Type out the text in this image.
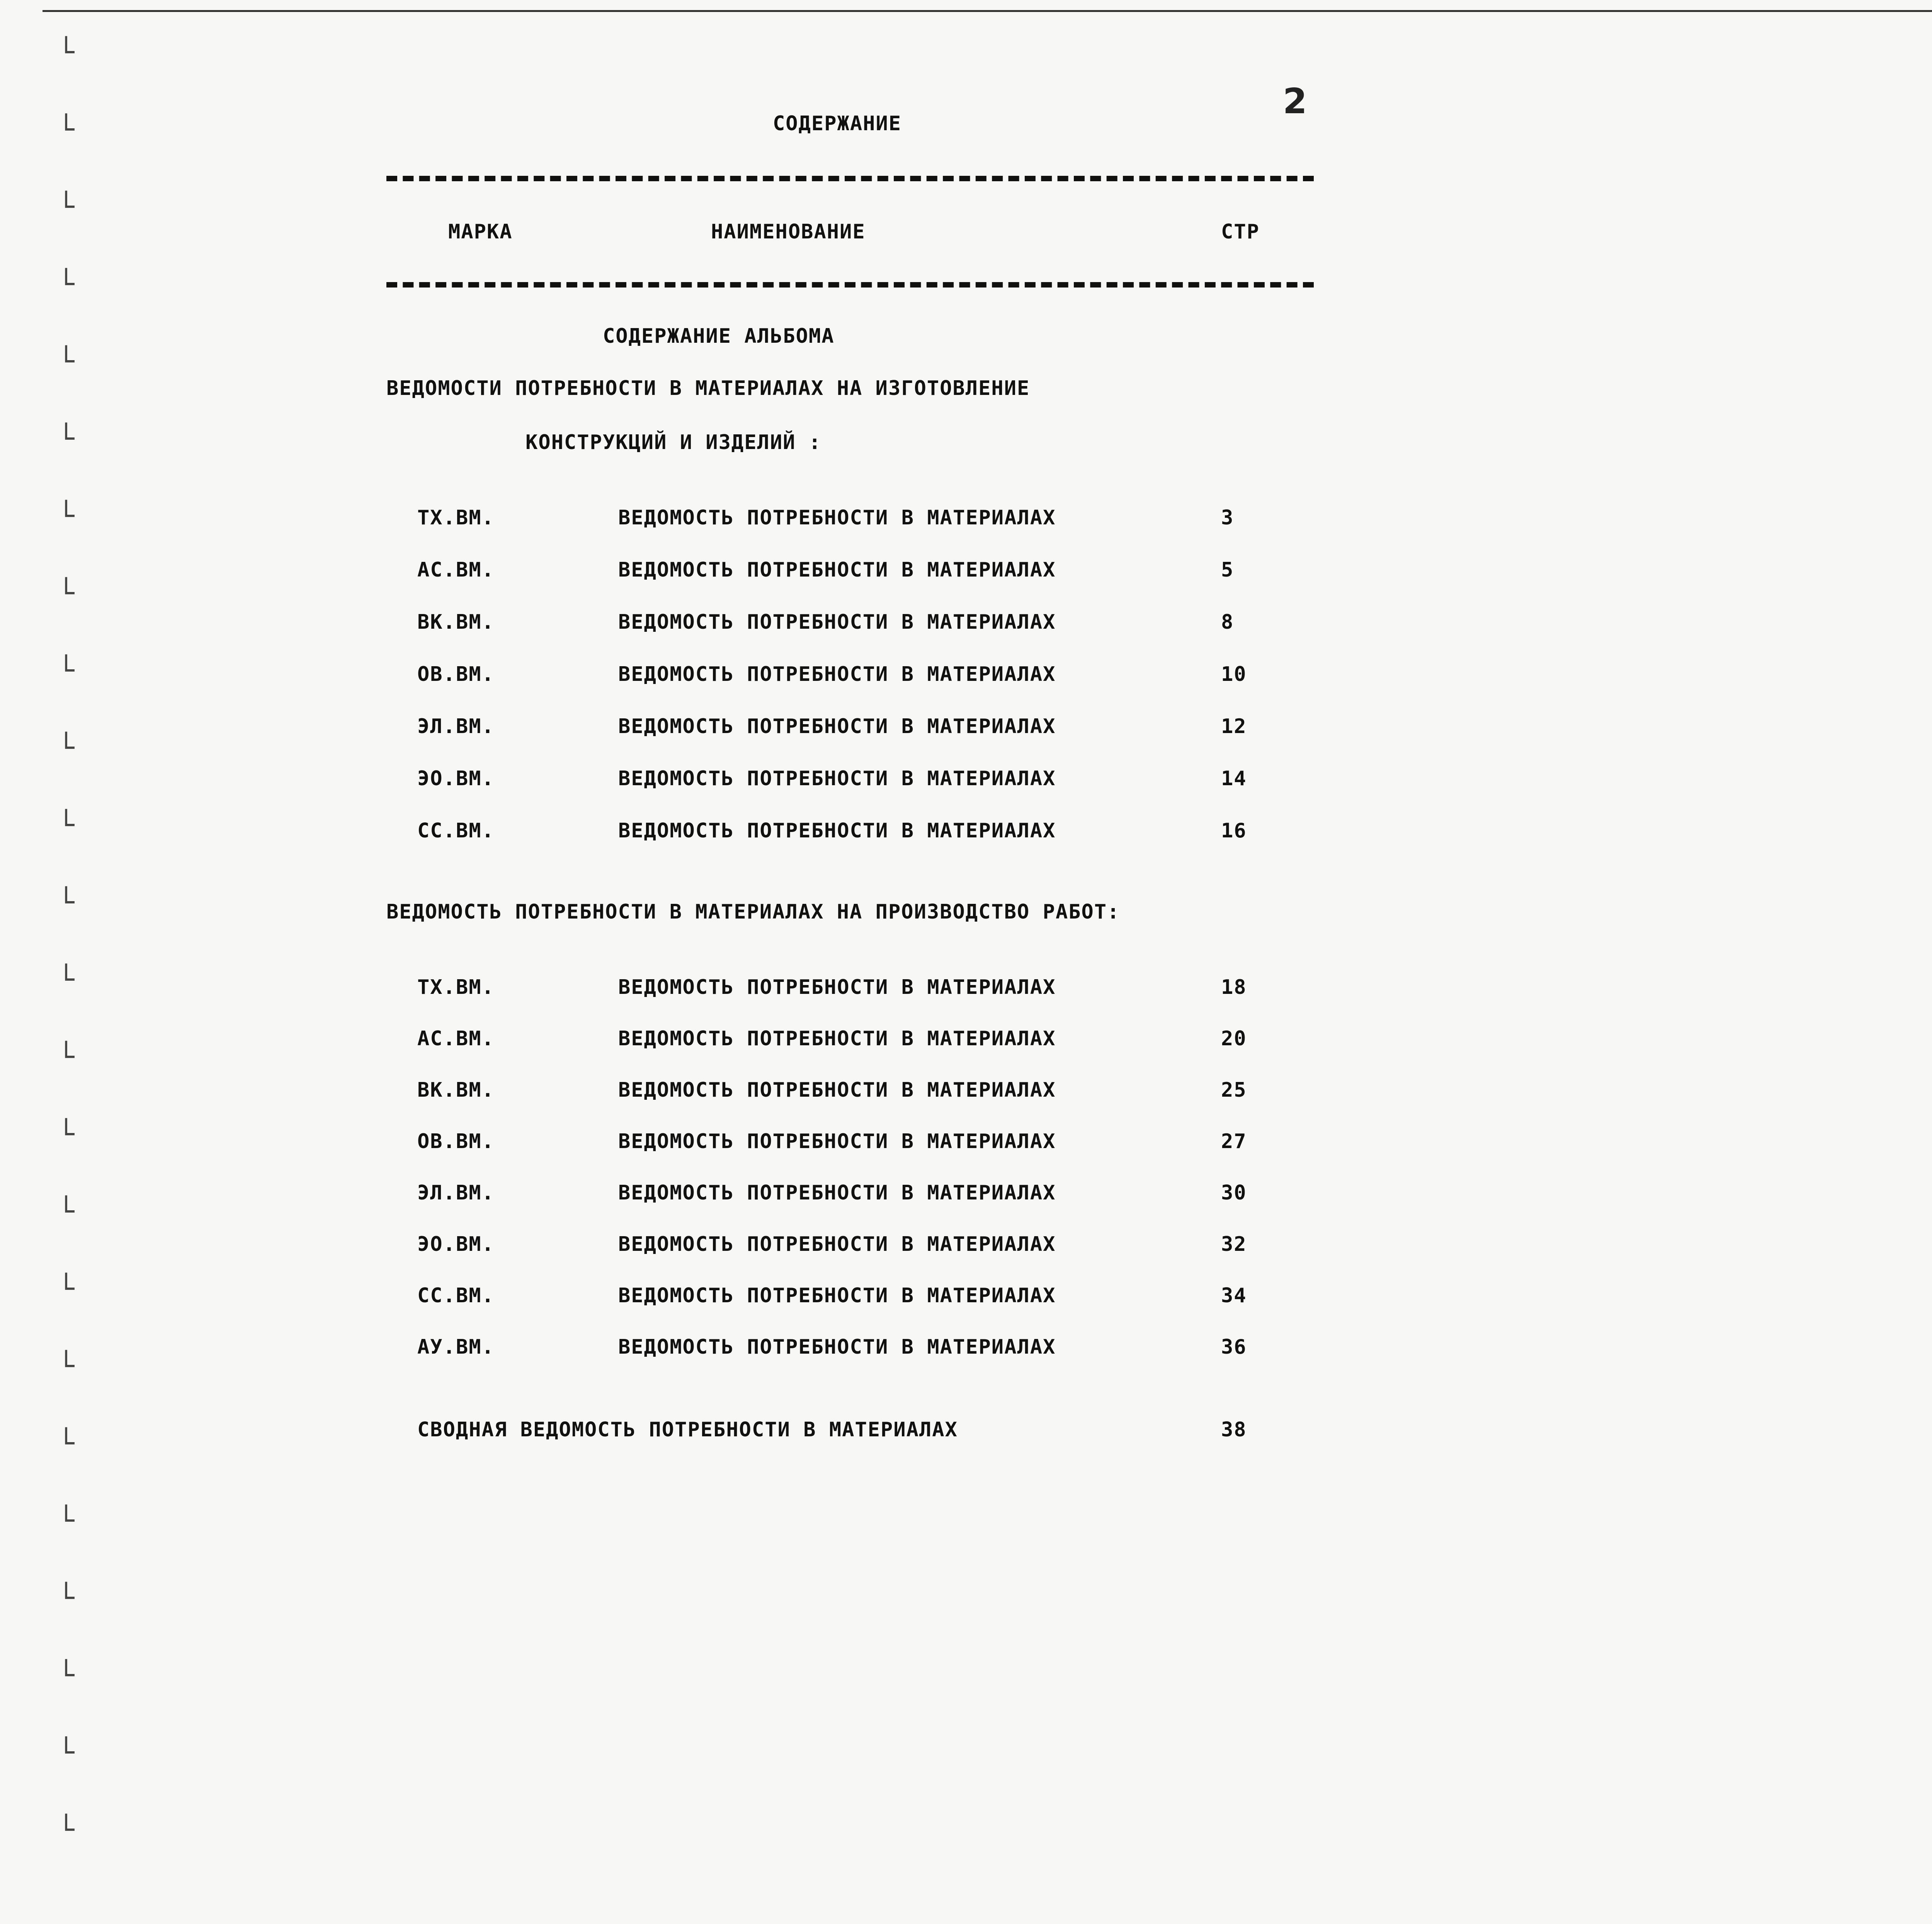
2
СОДЕРЖАНИЕ
МАРКА	НАИМЕНОВАНИЕ	СТР
СОДЕРЖАНИЕ АЛЬБОМА
ВЕДОМОСТИ ПОТРЕБНОСТИ В МАТЕРИАЛАХ НА ИЗГОТОВЛЕНИЕ
КОНСТРУКЦИЙ И ИЗДЕЛИЙ :
ТХ.ВМ.	ВЕДОМОСТЬ ПОТРЕБНОСТИ В МАТЕРИАЛАХ	3
АС.ВМ.	ВЕДОМОСТЬ ПОТРЕБНОСТИ В МАТЕРИАЛАХ	5
ВК.ВМ.	ВЕДОМОСТЬ ПОТРЕБНОСТИ В МАТЕРИАЛАХ	8
ОВ.ВМ.	ВЕДОМОСТЬ ПОТРЕБНОСТИ В МАТЕРИАЛАХ	10
ЭЛ.ВМ.	ВЕДОМОСТЬ ПОТРЕБНОСТИ В МАТЕРИАЛАХ	12
ЭО.ВМ.	ВЕДОМОСТЬ ПОТРЕБНОСТИ В МАТЕРИАЛАХ	14
СС.ВМ.	ВЕДОМОСТЬ ПОТРЕБНОСТИ В МАТЕРИАЛАХ	16
ВЕДОМОСТЬ ПОТРЕБНОСТИ В МАТЕРИАЛАХ НА ПРОИЗВОДСТВО РАБОТ:
ТХ.ВМ.	ВЕДОМОСТЬ ПОТРЕБНОСТИ В МАТЕРИАЛАХ	18
АС.ВМ.	ВЕДОМОСТЬ ПОТРЕБНОСТИ В МАТЕРИАЛАХ	20
ВК.ВМ.	ВЕДОМОСТЬ ПОТРЕБНОСТИ В МАТЕРИАЛАХ	25
ОВ.ВМ.	ВЕДОМОСТЬ ПОТРЕБНОСТИ В МАТЕРИАЛАХ	27
ЭЛ.ВМ.	ВЕДОМОСТЬ ПОТРЕБНОСТИ В МАТЕРИАЛАХ	30
ЭО.ВМ.	ВЕДОМОСТЬ ПОТРЕБНОСТИ В МАТЕРИАЛАХ	32
СС.ВМ.	ВЕДОМОСТЬ ПОТРЕБНОСТИ В МАТЕРИАЛАХ	34
АУ.ВМ.	ВЕДОМОСТЬ ПОТРЕБНОСТИ В МАТЕРИАЛАХ	36
СВОДНАЯ ВЕДОМОСТЬ ПОТРЕБНОСТИ В МАТЕРИАЛАХ	38
└
└
└
└
└
└
└
└
└
└
└
└
└
└
└
└
└
└
└
└
└
└
└
└
